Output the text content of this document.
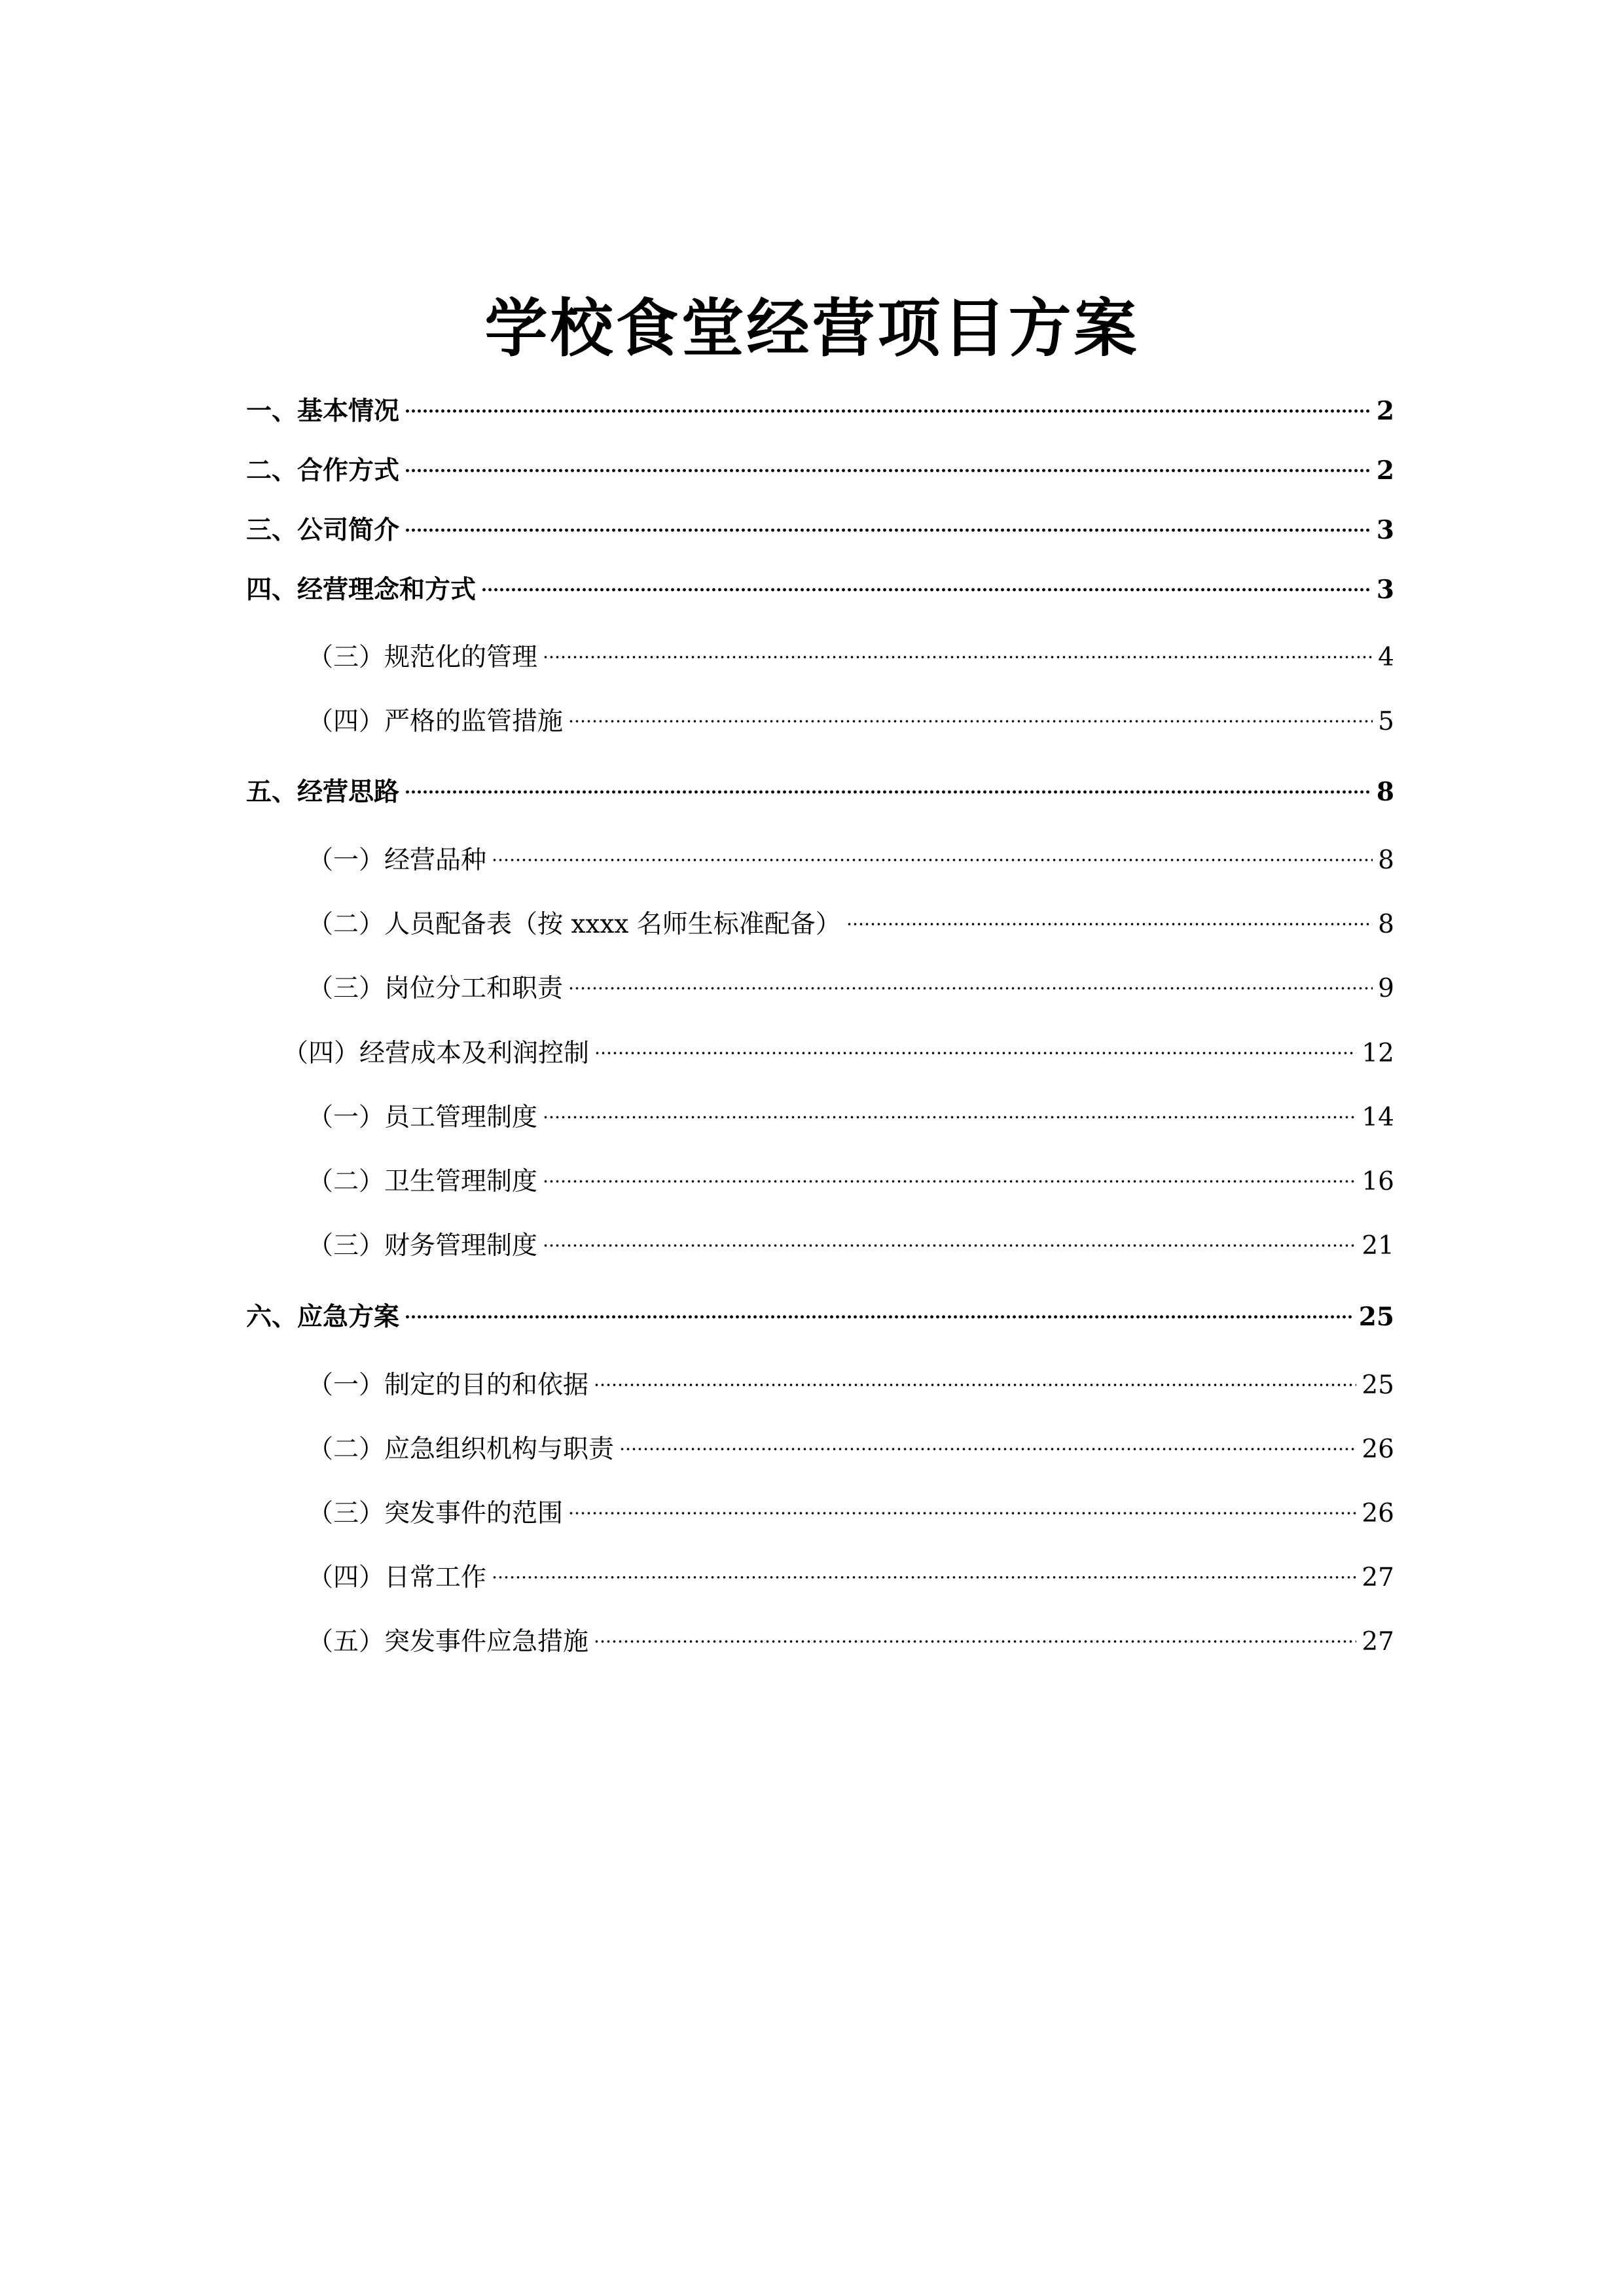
学校食堂经营项目方案
一、基本情况	2
二、合作方式	2
三、公司简介	3
四、经营理念和方式	3
（三）规范化的管理	4
（四）严格的监管措施	5
五、经营思路	8
（一）经营品种	8
（二）人员配备表（按 xxxx 名师生标准配备）	8
（三）岗位分工和职责	9
（四）经营成本及利润控制	12
（一）员工管理制度	14
（二）卫生管理制度	16
（三）财务管理制度	21
六、应急方案	25
（一）制定的目的和依据	25
（二）应急组织机构与职责	26
（三）突发事件的范围	26
（四）日常工作	27
（五）突发事件应急措施	27
